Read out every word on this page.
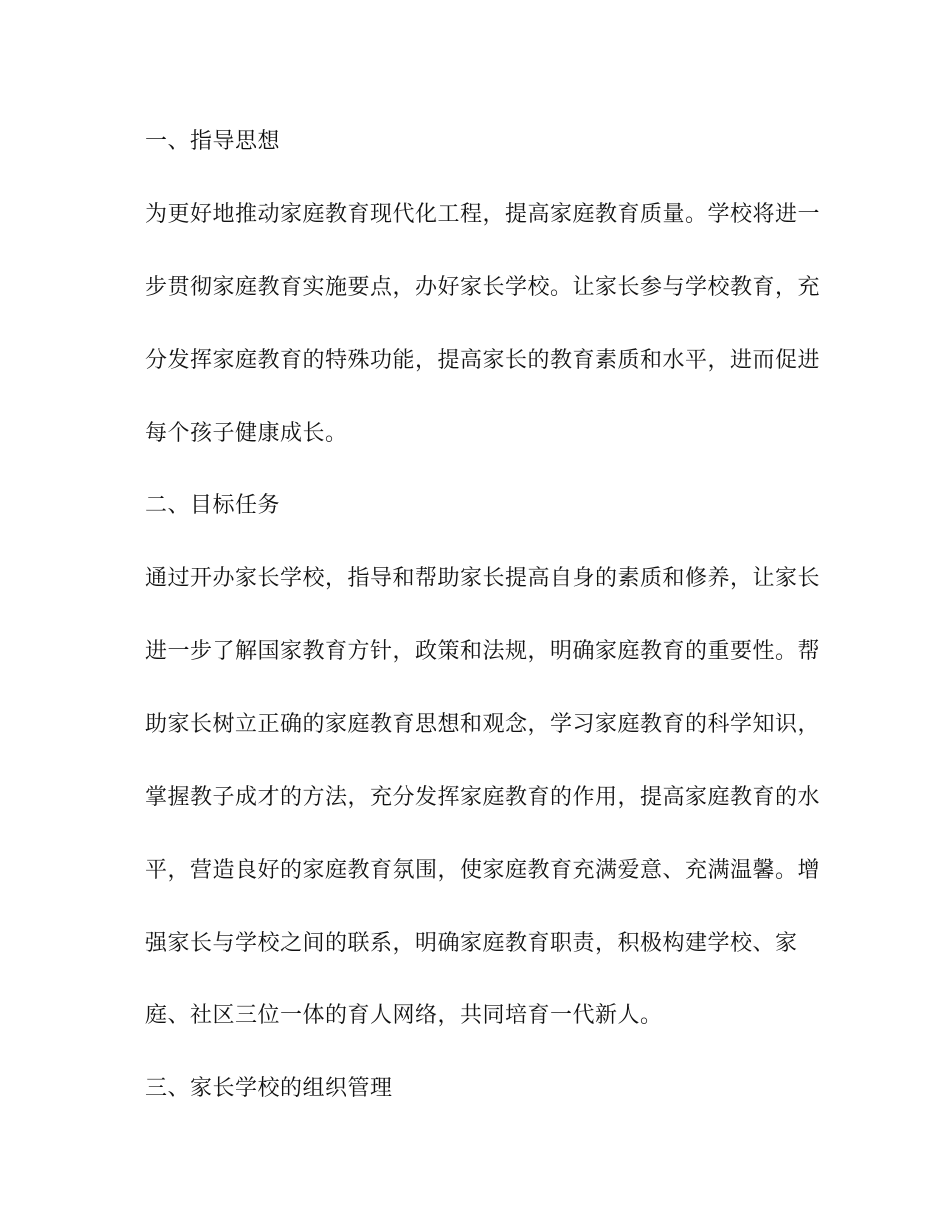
一、指导思想
为更好地推动家庭教育现代化工程，提高家庭教育质量。学校将进一
步贯彻家庭教育实施要点，办好家长学校。让家长参与学校教育，充
分发挥家庭教育的特殊功能，提高家长的教育素质和水平，进而促进
每个孩子健康成长。
二、目标任务
通过开办家长学校，指导和帮助家长提高自身的素质和修养，让家长
进一步了解国家教育方针，政策和法规，明确家庭教育的重要性。帮
助家长树立正确的家庭教育思想和观念，学习家庭教育的科学知识，
掌握教子成才的方法，充分发挥家庭教育的作用，提高家庭教育的水
平，营造良好的家庭教育氛围，使家庭教育充满爱意、充满温馨。增
强家长与学校之间的联系，明确家庭教育职责，积极构建学校、家
庭、社区三位一体的育人网络，共同培育一代新人。
三、家长学校的组织管理
